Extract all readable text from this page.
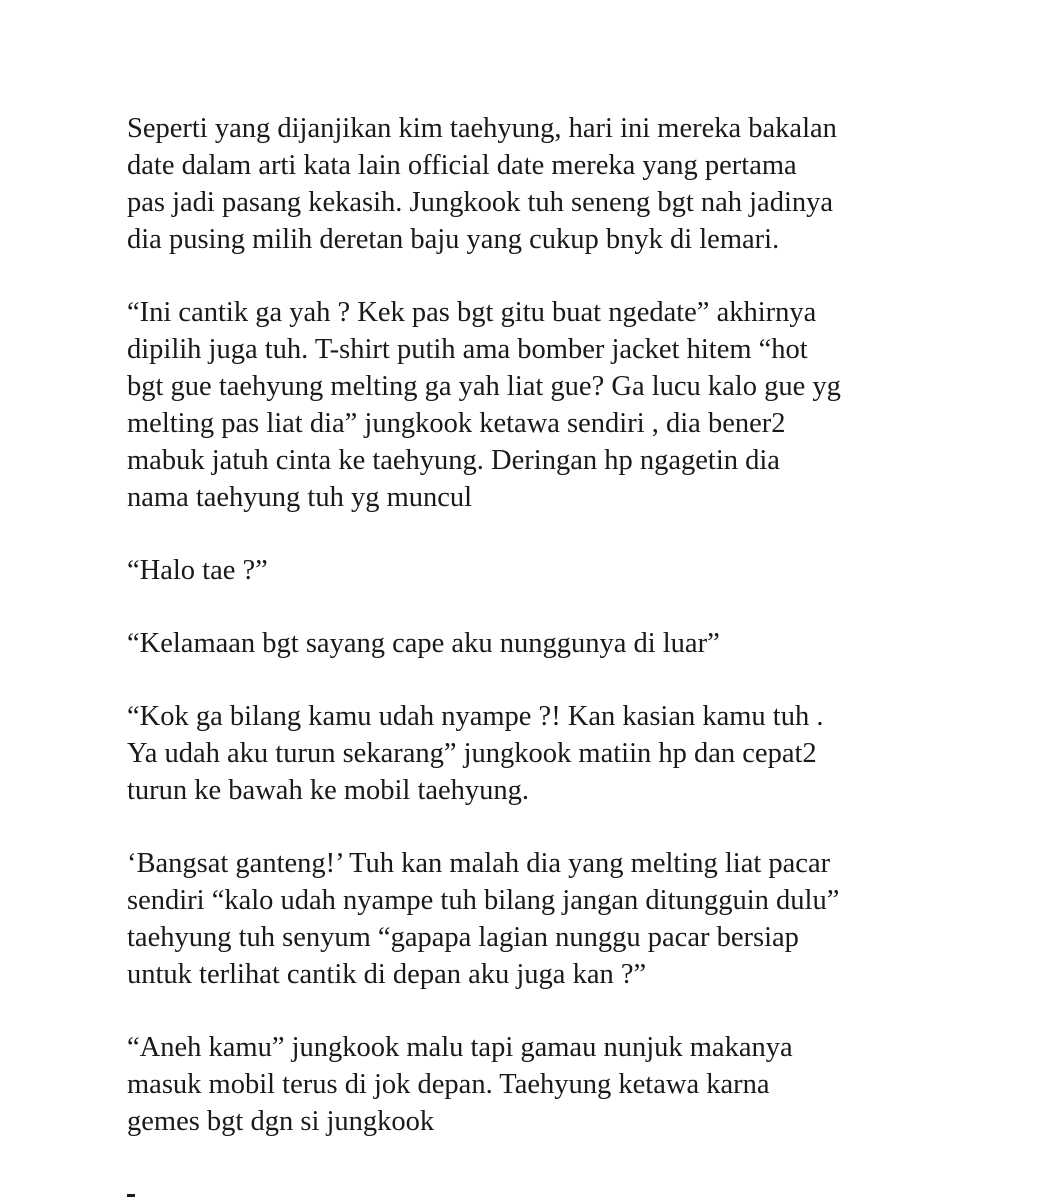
Seperti yang dijanjikan kim taehyung, hari ini mereka bakalan
date dalam arti kata lain official date mereka yang pertama
pas jadi pasang kekasih. Jungkook tuh seneng bgt nah jadinya
dia pusing milih deretan baju yang cukup bnyk di lemari.

“Ini cantik ga yah ? Kek pas bgt gitu buat ngedate” akhirnya
dipilih juga tuh. T-shirt putih ama bomber jacket hitem “hot
bgt gue taehyung melting ga yah liat gue? Ga lucu kalo gue yg
melting pas liat dia” jungkook ketawa sendiri , dia bener2
mabuk jatuh cinta ke taehyung. Deringan hp ngagetin dia
nama taehyung tuh yg muncul

“Halo tae ?”

“Kelamaan bgt sayang cape aku nunggunya di luar”

“Kok ga bilang kamu udah nyampe ?! Kan kasian kamu tuh .
Ya udah aku turun sekarang” jungkook matiin hp dan cepat2
turun ke bawah ke mobil taehyung.

‘Bangsat ganteng!’ Tuh kan malah dia yang melting liat pacar
sendiri “kalo udah nyampe tuh bilang jangan ditungguin dulu”
taehyung tuh senyum “gapapa lagian nunggu pacar bersiap
untuk terlihat cantik di depan aku juga kan ?”

“Aneh kamu” jungkook malu tapi gamau nunjuk makanya
masuk mobil terus di jok depan. Taehyung ketawa karna
gemes bgt dgn si jungkook
